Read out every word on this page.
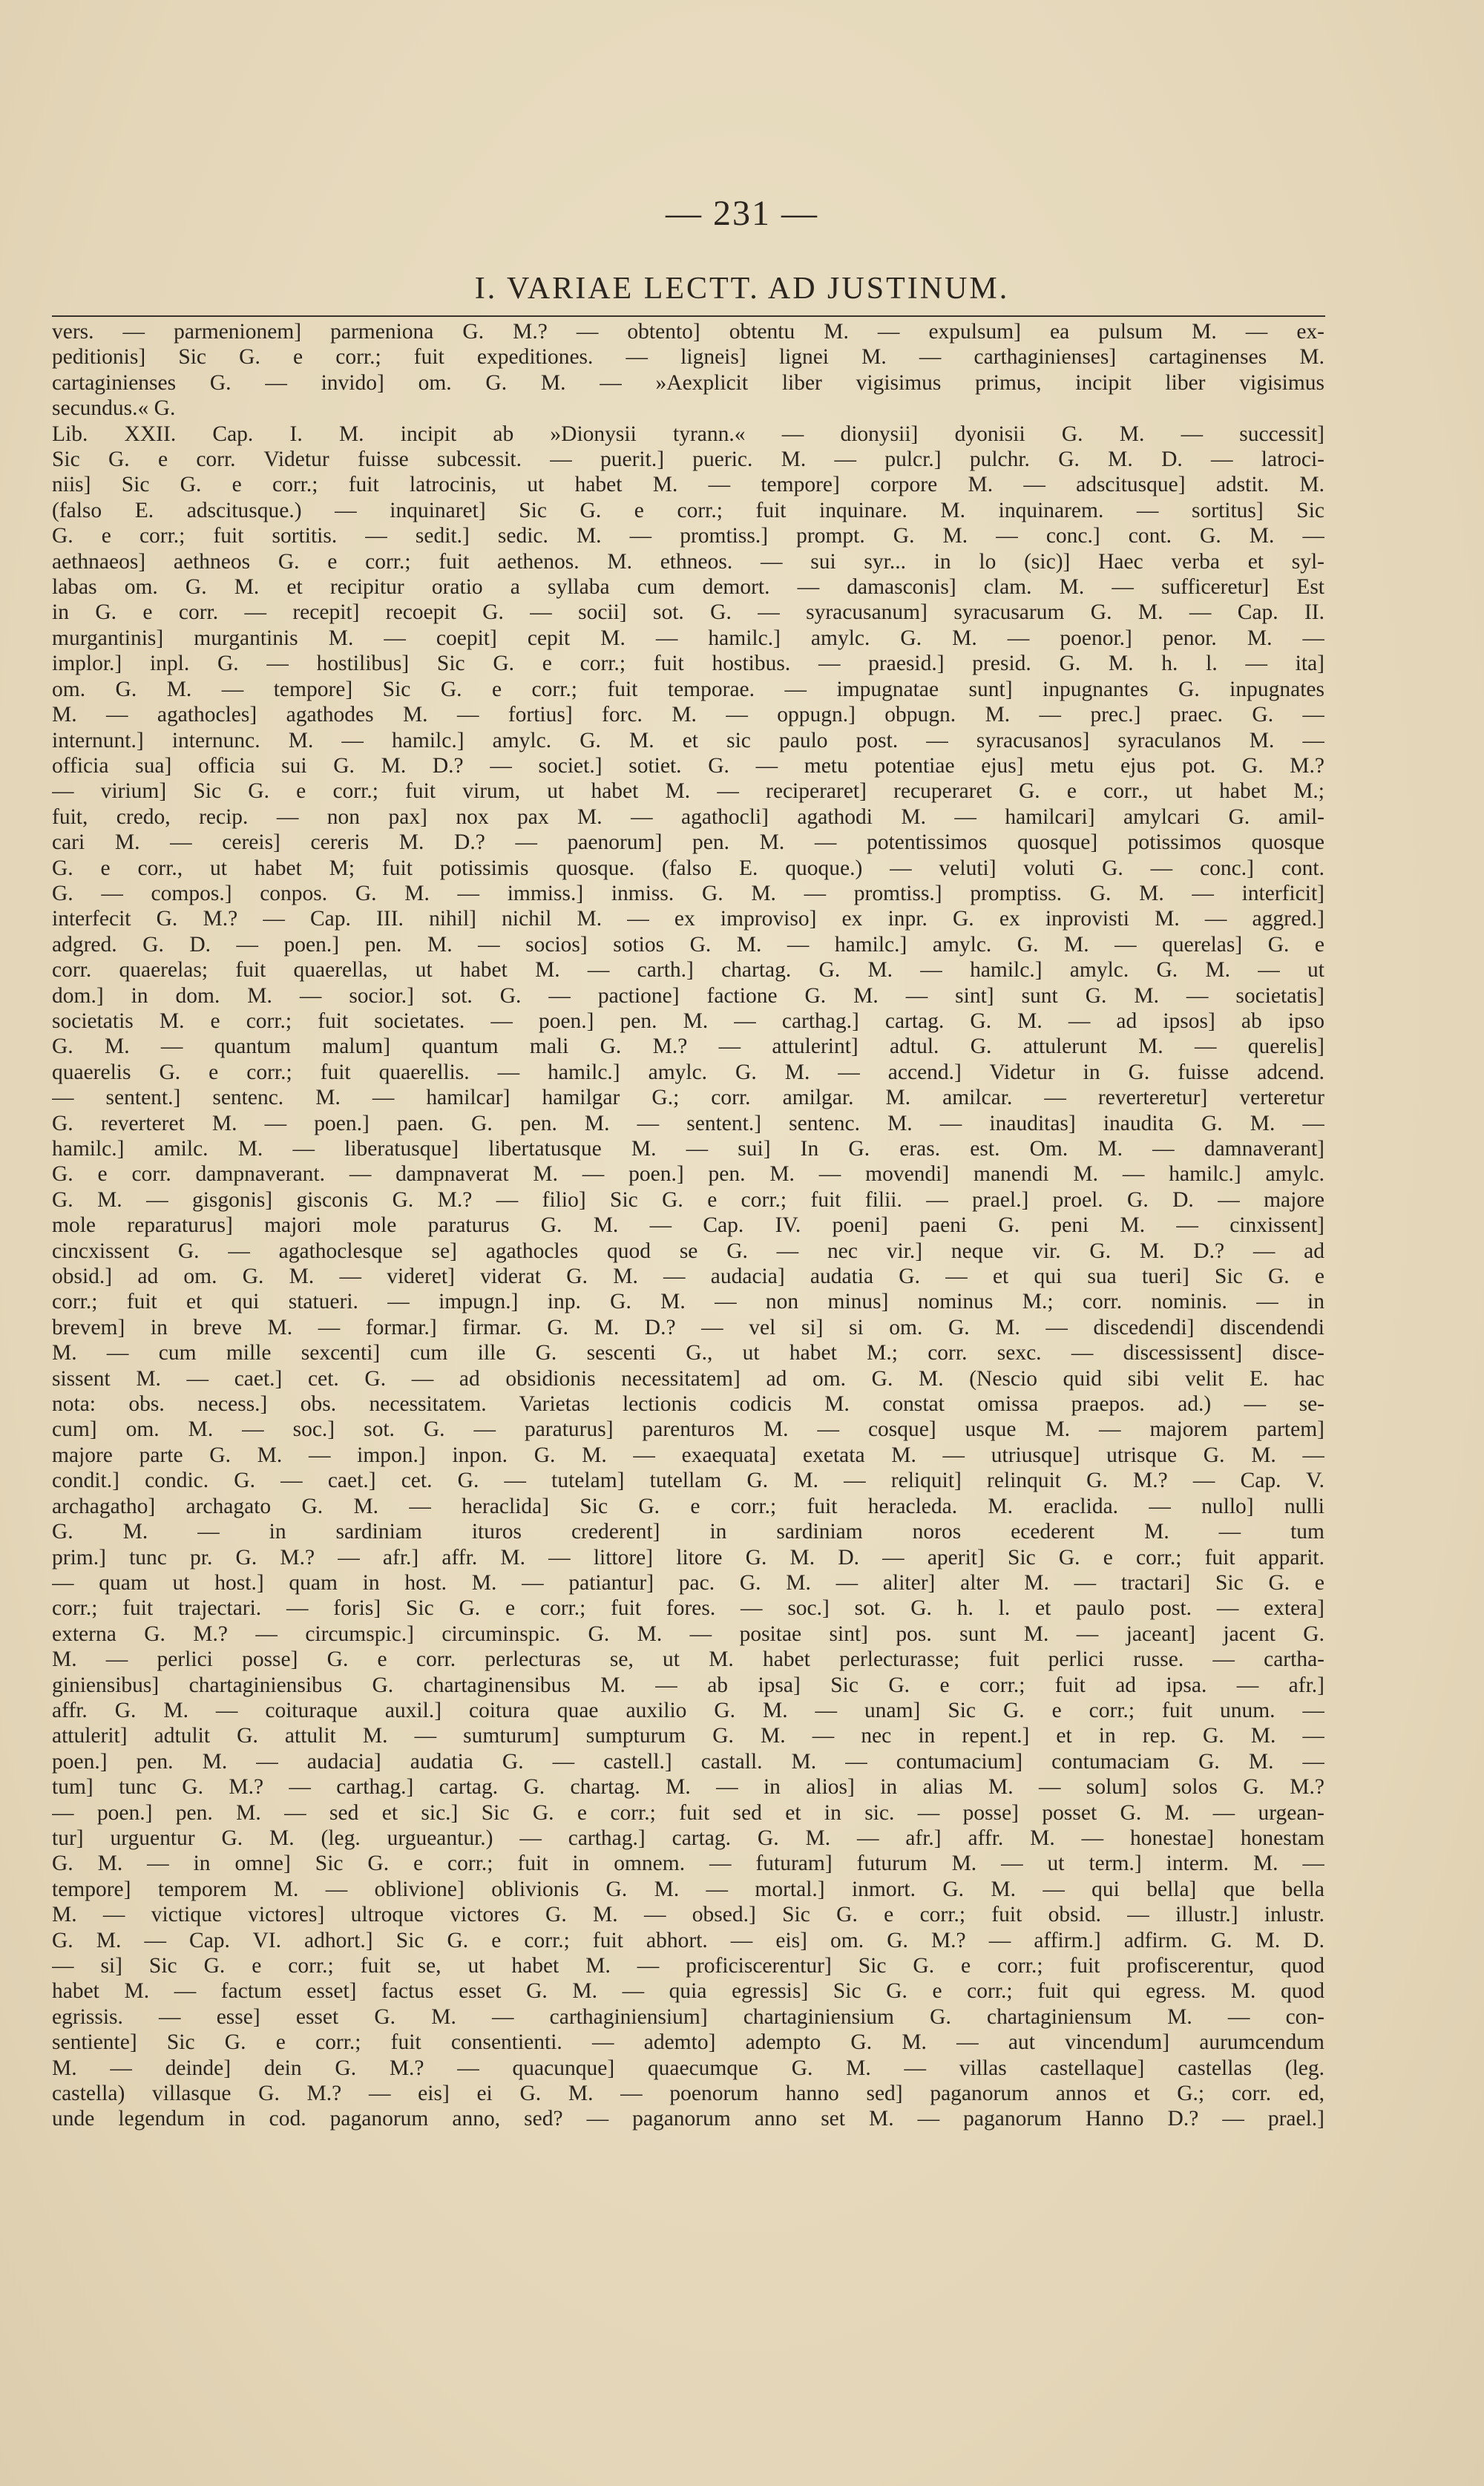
— 231 —
I. VARIAE LECTT. AD JUSTINUM.
vers. — parmenionem] parmeniona G. M.? — obtento] obtentu M. — expulsum] ea pulsum M. — ex-
peditionis] Sic G. e corr.; fuit expeditiones. — ligneis] lignei M. — carthaginienses] cartaginenses M.
cartaginienses G. — invido] om. G. M. — »Aexplicit liber vigisimus primus, incipit liber vigisimus
secundus.« G.
Lib. XXII. Cap. I. M. incipit ab »Dionysii tyrann.« — dionysii] dyonisii G. M. — successit]
Sic G. e corr. Videtur fuisse subcessit. — puerit.] pueric. M. — pulcr.] pulchr. G. M. D. — latroci-
niis] Sic G. e corr.; fuit latrocinis, ut habet M. — tempore] corpore M. — adscitusque] adstit. M.
(falso E. adscitusque.) — inquinaret] Sic G. e corr.; fuit inquinare. M. inquinarem. — sortitus] Sic
G. e corr.; fuit sortitis. — sedit.] sedic. M. — promtiss.] prompt. G. M. — conc.] cont. G. M. —
aethnaeos] aethneos G. e corr.; fuit aethenos. M. ethneos. — sui syr... in lo (sic)] Haec verba et syl-
labas om. G. M. et recipitur oratio a syllaba cum demort. — damasconis] clam. M. — sufficeretur] Est
in G. e corr. — recepit] recoepit G. — socii] sot. G. — syracusanum] syracusarum G. M. — Cap. II.
murgantinis] murgantinis M. — coepit] cepit M. — hamilc.] amylc. G. M. — poenor.] penor. M. —
implor.] inpl. G. — hostilibus] Sic G. e corr.; fuit hostibus. — praesid.] presid. G. M. h. l. — ita]
om. G. M. — tempore] Sic G. e corr.; fuit temporae. — impugnatae sunt] inpugnantes G. inpugnates
M. — agathocles] agathodes M. — fortius] forc. M. — oppugn.] obpugn. M. — prec.] praec. G. —
internunt.] internunc. M. — hamilc.] amylc. G. M. et sic paulo post. — syracusanos] syraculanos M. —
officia sua] officia sui G. M. D.? — societ.] sotiet. G. — metu potentiae ejus] metu ejus pot. G. M.?
— virium] Sic G. e corr.; fuit virum, ut habet M. — reciperaret] recuperaret G. e corr., ut habet M.;
fuit, credo, recip. — non pax] nox pax M. — agathocli] agathodi M. — hamilcari] amylcari G. amil-
cari M. — cereis] cereris M. D.? — paenorum] pen. M. — potentissimos quosque] potissimos quosque
G. e corr., ut habet M; fuit potissimis quosque. (falso E. quoque.) — veluti] voluti G. — conc.] cont.
G. — compos.] conpos. G. M. — immiss.] inmiss. G. M. — promtiss.] promptiss. G. M. — interficit]
interfecit G. M.? — Cap. III. nihil] nichil M. — ex improviso] ex inpr. G. ex inprovisti M. — aggred.]
adgred. G. D. — poen.] pen. M. — socios] sotios G. M. — hamilc.] amylc. G. M. — querelas] G. e
corr. quaerelas; fuit quaerellas, ut habet M. — carth.] chartag. G. M. — hamilc.] amylc. G. M. — ut
dom.] in dom. M. — socior.] sot. G. — pactione] factione G. M. — sint] sunt G. M. — societatis]
societatis M. e corr.; fuit societates. — poen.] pen. M. — carthag.] cartag. G. M. — ad ipsos] ab ipso
G. M. — quantum malum] quantum mali G. M.? — attulerint] adtul. G. attulerunt M. — querelis]
quaerelis G. e corr.; fuit quaerellis. — hamilc.] amylc. G. M. — accend.] Videtur in G. fuisse adcend.
— sentent.] sentenc. M. — hamilcar] hamilgar G.; corr. amilgar. M. amilcar. — reverteretur] verteretur
G. reverteret M. — poen.] paen. G. pen. M. — sentent.] sentenc. M. — inauditas] inaudita G. M. —
hamilc.] amilc. M. — liberatusque] libertatusque M. — sui] In G. eras. est. Om. M. — damnaverant]
G. e corr. dampnaverant. — dampnaverat M. — poen.] pen. M. — movendi] manendi M. — hamilc.] amylc.
G. M. — gisgonis] gisconis G. M.? — filio] Sic G. e corr.; fuit filii. — prael.] proel. G. D. — majore
mole reparaturus] majori mole paraturus G. M. — Cap. IV. poeni] paeni G. peni M. — cinxissent]
cincxissent G. — agathoclesque se] agathocles quod se G. — nec vir.] neque vir. G. M. D.? — ad
obsid.] ad om. G. M. — videret] viderat G. M. — audacia] audatia G. — et qui sua tueri] Sic G. e
corr.; fuit et qui statueri. — impugn.] inp. G. M. — non minus] nominus M.; corr. nominis. — in
brevem] in breve M. — formar.] firmar. G. M. D.? — vel si] si om. G. M. — discedendi] discendendi
M. — cum mille sexcenti] cum ille G. sescenti G., ut habet M.; corr. sexc. — discessissent] disce-
sissent M. — caet.] cet. G. — ad obsidionis necessitatem] ad om. G. M. (Nescio quid sibi velit E. hac
nota: obs. necess.] obs. necessitatem. Varietas lectionis codicis M. constat omissa praepos. ad.) — se-
cum] om. M. — soc.] sot. G. — paraturus] parenturos M. — cosque] usque M. — majorem partem]
majore parte G. M. — impon.] inpon. G. M. — exaequata] exetata M. — utriusque] utrisque G. M. —
condit.] condic. G. — caet.] cet. G. — tutelam] tutellam G. M. — reliquit] relinquit G. M.? — Cap. V.
archagatho] archagato G. M. — heraclida] Sic G. e corr.; fuit heracleda. M. eraclida. — nullo] nulli
G. M. — in sardiniam ituros crederent] in sardiniam noros ecederent M. — tum
prim.] tunc pr. G. M.? — afr.] affr. M. — littore] litore G. M. D. — aperit] Sic G. e corr.; fuit apparit.
— quam ut host.] quam in host. M. — patiantur] pac. G. M. — aliter] alter M. — tractari] Sic G. e
corr.; fuit trajectari. — foris] Sic G. e corr.; fuit fores. — soc.] sot. G. h. l. et paulo post. — extera]
externa G. M.? — circumspic.] circuminspic. G. M. — positae sint] pos. sunt M. — jaceant] jacent G.
M. — perlici posse] G. e corr. perlecturas se, ut M. habet perlecturasse; fuit perlici russe. — cartha-
giniensibus] chartaginiensibus G. chartaginensibus M. — ab ipsa] Sic G. e corr.; fuit ad ipsa. — afr.]
affr. G. M. — coituraque auxil.] coitura quae auxilio G. M. — unam] Sic G. e corr.; fuit unum. —
attulerit] adtulit G. attulit M. — sumturum] sumpturum G. M. — nec in repent.] et in rep. G. M. —
poen.] pen. M. — audacia] audatia G. — castell.] castall. M. — contumacium] contumaciam G. M. —
tum] tunc G. M.? — carthag.] cartag. G. chartag. M. — in alios] in alias M. — solum] solos G. M.?
— poen.] pen. M. — sed et sic.] Sic G. e corr.; fuit sed et in sic. — posse] posset G. M. — urgean-
tur] urguentur G. M. (leg. urgueantur.) — carthag.] cartag. G. M. — afr.] affr. M. — honestae] honestam
G. M. — in omne] Sic G. e corr.; fuit in omnem. — futuram] futurum M. — ut term.] interm. M. —
tempore] temporem M. — oblivione] oblivionis G. M. — mortal.] inmort. G. M. — qui bella] que bella
M. — victique victores] ultroque victores G. M. — obsed.] Sic G. e corr.; fuit obsid. — illustr.] inlustr.
G. M. — Cap. VI. adhort.] Sic G. e corr.; fuit abhort. — eis] om. G. M.? — affirm.] adfirm. G. M. D.
— si] Sic G. e corr.; fuit se, ut habet M. — proficiscerentur] Sic G. e corr.; fuit profiscerentur, quod
habet M. — factum esset] factus esset G. M. — quia egressis] Sic G. e corr.; fuit qui egress. M. quod
egrissis. — esse] esset G. M. — carthaginiensium] chartaginiensium G. chartaginiensum M. — con-
sentiente] Sic G. e corr.; fuit consentienti. — ademto] adempto G. M. — aut vincendum] aurumcendum
M. — deinde] dein G. M.? — quacunque] quaecumque G. M. — villas castellaque] castellas (leg.
castella) villasque G. M.? — eis] ei G. M. — poenorum hanno sed] paganorum annos et G.; corr. ed,
unde legendum in cod. paganorum anno, sed? — paganorum anno set M. — paganorum Hanno D.? — prael.]
